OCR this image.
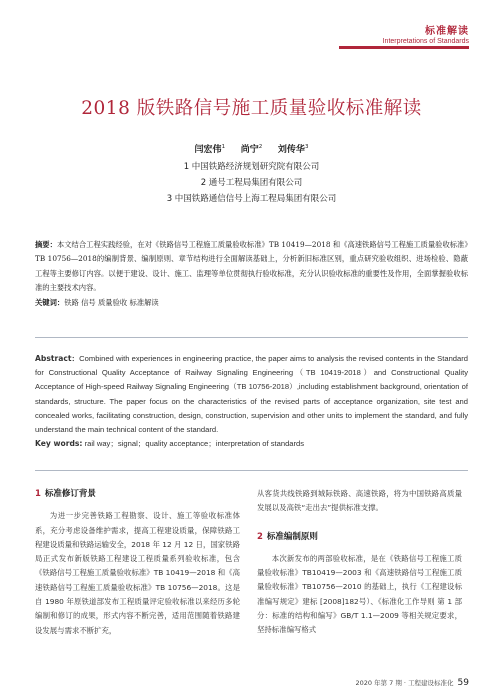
标准解读
Interpretations of Standards
2018 版铁路信号施工质量验收标准解读
闫宏伟$^1$ 尚宁$^2$ 刘传华$^3$
1 中国铁路经济规划研究院有限公司
2 通号工程局集团有限公司
3 中国铁路通信信号上海工程局集团有限公司
摘要：本文结合工程实践经验，在对《铁路信号工程施工质量验收标准》TB 10419—2018 和《高速铁路信号工程施工质量验收标准》TB 10756—2018的编制背景、编制原则、章节结构进行全面解读基础上，分析新旧标准区别，重点研究验收组织、进场检验、隐蔽工程等主要修订内容。以便于建设、设计、施工、监理等单位贯彻执行验收标准，充分认识验收标准的重要性及作用，全面掌握验收标准的主要技术内容。
关键词：铁路 信号 质量验收 标准解读
Abstract：Combined with experiences in engineering practice, the paper aims to analysis the revised contents in the Standard for Constructional Quality Acceptance of Railway Signaling Engineering（TB 10419-2018）and Constructional Quality Acceptance of High-speed Railway Signaling Engineering（TB 10756-2018）,including establishment background, orientation of standards, structure. The paper focus on the characteristics of the revised parts of acceptance organization, site test and concealed works, facilitating construction, design, construction, supervision and other units to implement the standard, and fully understand the main technical content of the standard.
Key words: rail way；signal；quality acceptance；interpretation of standards
1 标准修订背景

为进一步完善铁路工程勘察、设计、施工等验收标准体系，充分考虑设备维护需求，提高工程建设质量，保障铁路工程建设质量和铁路运输安全，2018 年 12 月 12 日，国家铁路局正式发布新版铁路工程建设工程质量系列验收标准，包含《铁路信号工程施工质量验收标准》TB 10419—2018 和《高速铁路信号工程施工质量验收标准》TB 10756—2018。这是自 1980 年原铁道部发布工程质量评定验收标准以来经历多轮编制和修订的成果，形式内容不断完善，适用范围随着铁路建设发展与需求不断扩充，

从客货共线铁路到城际铁路、高速铁路，将为中国铁路高质量发展以及高铁“走出去”提供标准支撑。

2 标准编制原则

本次新发布的两部验收标准，是在《铁路信号工程施工质量验收标准》TB10419—2003 和《高速铁路信号工程施工质量验收标准》TB10756—2010 的基础上，执行《工程建设标准编写规定》建标 [2008]182号）、《标准化工作导则 第 1 部分：标准的结构和编写》GB/T 1.1—2009 等相关规定要求，坚持标准编写格式

2020 年第 7 期 · 工程建设标准化 59
